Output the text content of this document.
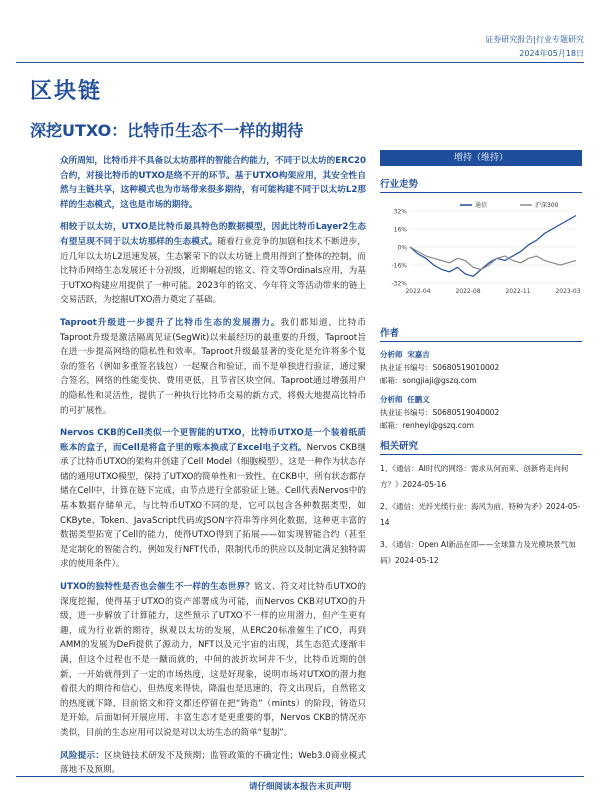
证券研究报告|行业专题研究
2024年05月18日
区块链
深挖UTXO：比特币生态不一样的期待

众所周知，比特币并不具备以太坊那样的智能合约能力，不同于以太坊的ERC20合约，对接比特币的UTXO是绕不开的环节。基于UTXO构架应用，其安全性自然与主链共享，这种模式也为市场带来很多期待，有可能构建不同于以太坊L2那样的生态模式，这也是市场的期待。

相较于以太坊，UTXO是比特币最具特色的数据模型，因此比特币Layer2生态有望呈现不同于以太坊那样的生态模式。随着行业竞争的加剧和技术不断进步，近几年以太坊L2迅速发展，生态繁荣下的以太坊链上费用得到了整体的控制，而比特币网络生态发展还十分初级，近期崛起的铭文、符文等Ordinals应用，为基于UTXO构建应用提供了一种可能。2023年的铭文、今年符文等活动带来的链上交易活跃，为挖掘UTXO潜力奠定了基础。

Taproot升级进一步提升了比特币生态的发展潜力。我们都知道，比特币Taproot升级是激活隔离见证(SegWit)以来最经历的最重要的升级，Taproot旨在进一步提高网络的隐私性和效率。Taproot升级最显著的变化是允许将多个复杂的签名（例如多重签名钱包）一起聚合和验证，而不是单独进行验证，通过聚合签名，网络的性能变快、费用更低，且节省区块空间。Taproot通过增强用户的隐私性和灵活性，提供了一种执行比特币交易的新方式，将极大地提高比特币的可扩展性。

Nervos CKB的Cell类似一个更智能的UTXO，比特币UTXO是一个装着纸质账本的盒子，而Cell是将盒子里的账本换成了Excel电子文档。Nervos CKB继承了比特币UTXO的架构并创建了Cell Model（细胞模型），这是一种作为状态存储的通用UTXO模型，保持了UTXO的简单性和一致性。在CKB中，所有状态都存储在Cell中，计算在链下完成，由节点进行全部验证上链。Cell代表Nervos中的基本数据存储单元，与比特币UTXO不同的是，它可以包含各种数据类型，如CKByte、Token、JavaScript代码或JSON字符串等序列化数据，这种更丰富的数据类型拓宽了Cell的能力，使得UTXO得到了拓展——如实现智能合约（甚至是定制化的智能合约，例如发行NFT代币，限制代币的供应以及制定满足独特需求的使用条件）。

UTXO的独特性是否也会催生不一样的生态世界？铭文、符文对比特币UTXO的深度挖掘，使得基于UTXO的资产部署成为可能，而Nervos CKB对UTXO的升级，进一步解放了计算能力，这些预示了UTXO不一样的应用潜力，但产生更有趣，成为行业新的期待，纵观以太坊的发展，从ERC20标准催生了ICO，再到AMM的发展为DeFi提供了源动力，NFT以及元宇宙的出现，其生态范式逐渐丰满，但这个过程也不是一蹴而就的，中间的波折坎坷并不少，比特币近期的创新，一开始就得到了一定的市场热度，这是好现象，说明市场对UTXO的潜力抱着很大的期待和信心，但热度来得快，降温也是迅速的，符文出现后，自然铭文的热度就下降，目前铭文和符文都还停留在把“铸造”（mints）的阶段，铸造只是开始，后面如何开展应用、丰富生态才是更重要的事，Nervos CKB的情况亦类似，目前的生态应用可以说是对以太坊生态的简单“复制”。

风险提示：区块链技术研发不及预期；监管政策的不确定性；Web3.0商业模式落地不及预期。

增持（维持）
行业走势
32%
16%
0%
-16%
-32%
2022-04	2022-08	2022-11	2023-03
通信	沪深300
作者
分析师 宋嘉吉
执业证书编号：S0680519010002
邮箱：songjiaji@gszq.com
分析师 任鹏义
执业证书编号：S0680519040002
邮箱：renheyi@gszq.com
相关研究
1、《通信：AI时代的网络：需求从何而来、创新将走向何方？》2024-05-16
2、《通信：光纤光缆行业：海风为前、特种为矛》2024-05-14
3、《通信：Open AI新品在即——全球算力及光模块景气加码》2024-05-12
请仔细阅读本报告末页声明
